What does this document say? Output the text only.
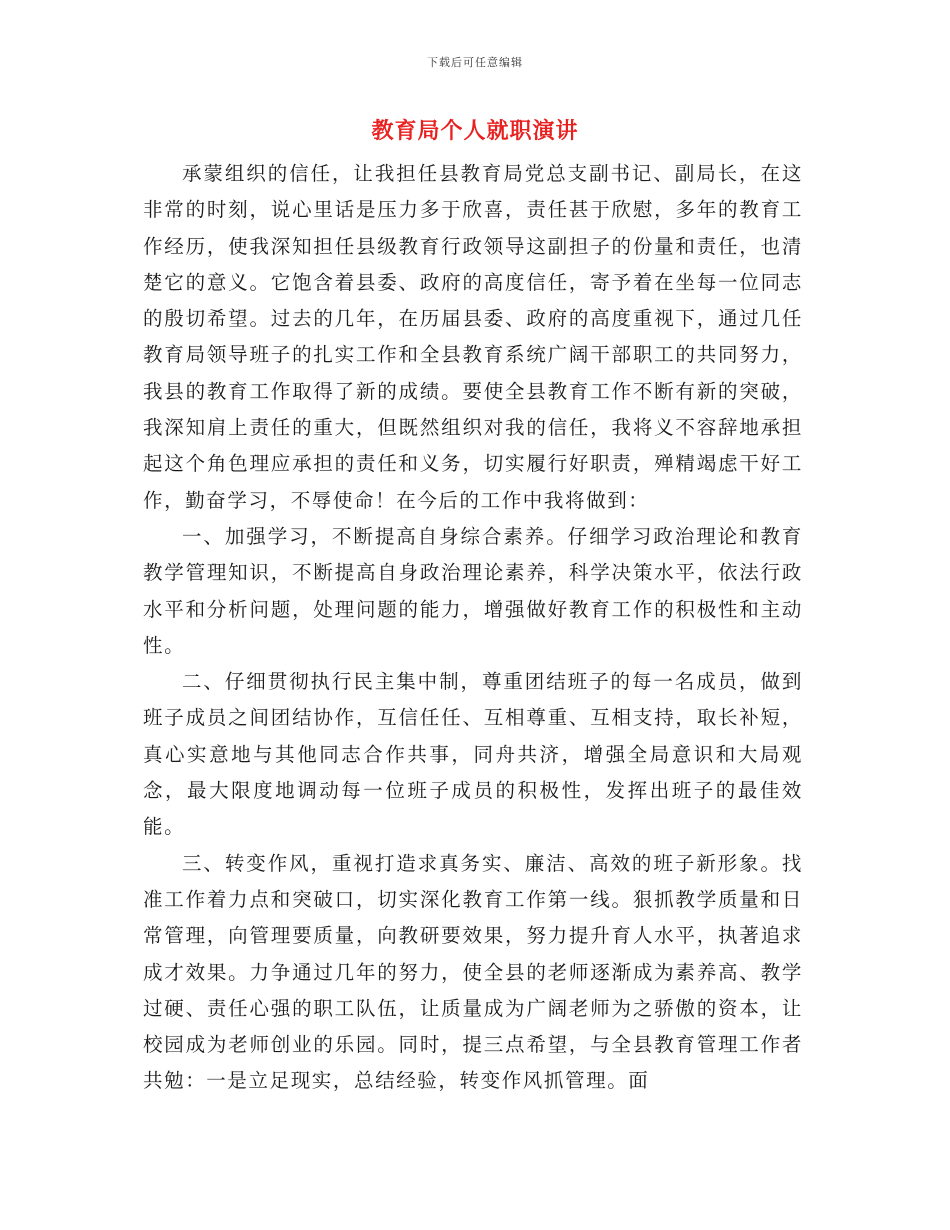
下载后可任意编辑
教育局个人就职演讲

承蒙组织的信任，让我担任县教育局党总支副书记、副局长，在这非常的时刻，说心里话是压力多于欣喜，责任甚于欣慰，多年的教育工作经历，使我深知担任县级教育行政领导这副担子的份量和责任，也清楚它的意义。它饱含着县委、政府的高度信任，寄予着在坐每一位同志的殷切希望。过去的几年，在历届县委、政府的高度重视下，通过几任教育局领导班子的扎实工作和全县教育系统广阔干部职工的共同努力，我县的教育工作取得了新的成绩。要使全县教育工作不断有新的突破，我深知肩上责任的重大，但既然组织对我的信任，我将义不容辞地承担起这个角色理应承担的责任和义务，切实履行好职责，殚精竭虑干好工作，勤奋学习，不辱使命！在今后的工作中我将做到：

一、加强学习，不断提高自身综合素养。仔细学习政治理论和教育教学管理知识，不断提高自身政治理论素养，科学决策水平，依法行政水平和分析问题，处理问题的能力，增强做好教育工作的积极性和主动性。

二、仔细贯彻执行民主集中制，尊重团结班子的每一名成员，做到班子成员之间团结协作，互信任任、互相尊重、互相支持，取长补短，真心实意地与其他同志合作共事，同舟共济，增强全局意识和大局观念，最大限度地调动每一位班子成员的积极性，发挥出班子的最佳效能。

三、转变作风，重视打造求真务实、廉洁、高效的班子新形象。找准工作着力点和突破口，切实深化教育工作第一线。狠抓教学质量和日常管理，向管理要质量，向教研要效果，努力提升育人水平，执著追求成才效果。力争通过几年的努力，使全县的老师逐渐成为素养高、教学过硬、责任心强的职工队伍，让质量成为广阔老师为之骄傲的资本，让校园成为老师创业的乐园。同时，提三点希望，与全县教育管理工作者共勉：一是立足现实，总结经验，转变作风抓管理。面
